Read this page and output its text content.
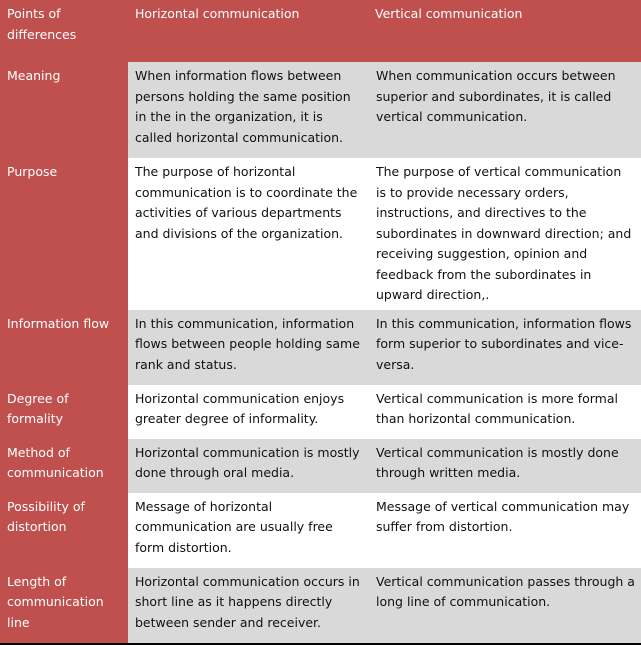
Points of differences	Horizontal communication	Vertical communication
Meaning	When information flows between persons holding the same position in the in the organization, it is called horizontal communication.	When communication occurs between superior and subordinates, it is called vertical communication.
Purpose	The purpose of horizontal communication is to coordinate the activities of various departments and divisions of the organization.	The purpose of vertical communication is to provide necessary orders, instructions, and directives to the subordinates in downward direction; and receiving suggestion, opinion and feedback from the subordinates in upward direction,.
Information flow	In this communication, information flows between people holding same rank and status.	In this communication, information flows form superior to subordinates and vice-versa.
Degree of formality	Horizontal communication enjoys greater degree of informality.	Vertical communication is more formal than horizontal communication.
Method of communication	Horizontal communication is mostly done through oral media.	Vertical communication is mostly done through written media.
Possibility of distortion	Message of horizontal communication are usually free form distortion.	Message of vertical communication may suffer from distortion.
Length of communication line	Horizontal communication occurs in short line as it happens directly between sender and receiver.	Vertical communication passes through a long line of communication.
